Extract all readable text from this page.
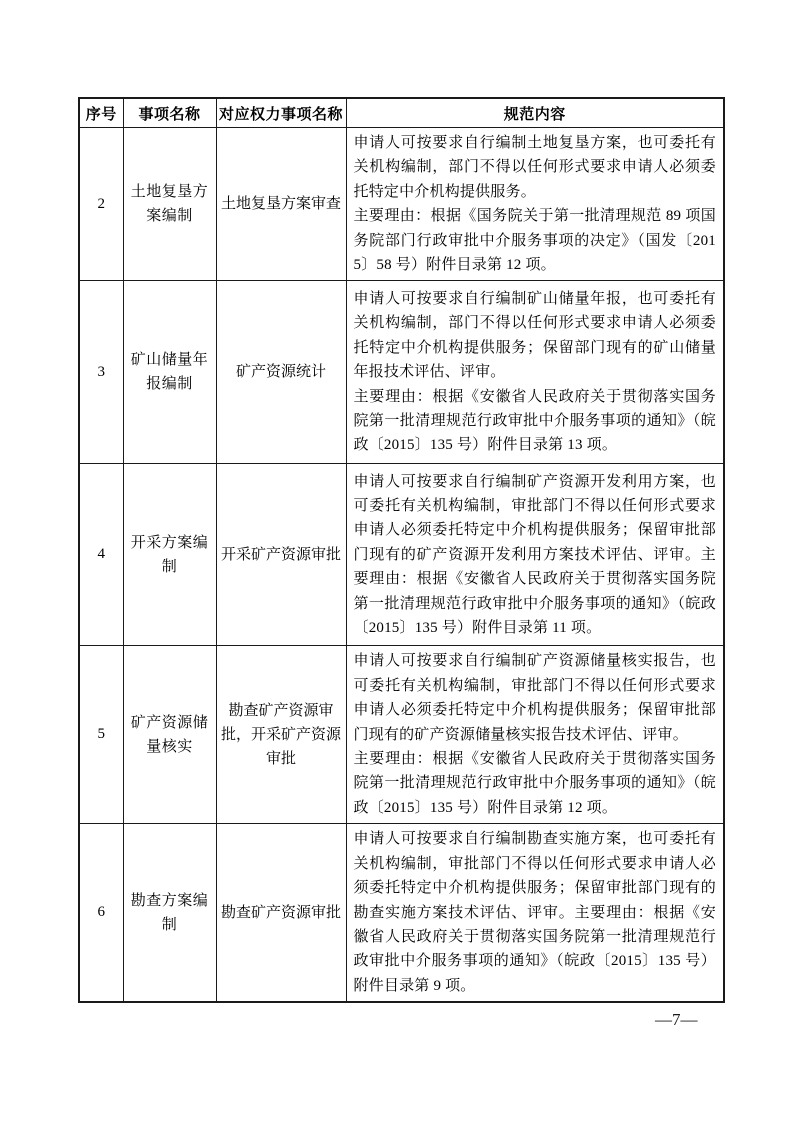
序号	事项名称	对应权力事项名称	规范内容
2	土地复垦方案编制	土地复垦方案审查	申请人可按要求自行编制土地复垦方案，也可委托有关机构编制，部门不得以任何形式要求申请人必须委托特定中介机构提供服务。

主要理由：根据《国务院关于第一批清理规范 89 项国务院部门行政审批中介服务事项的决定》（国发〔2015〕58 号）附件目录第 12 项。

3	矿山储量年报编制	矿产资源统计	申请人可按要求自行编制矿山储量年报，也可委托有关机构编制，部门不得以任何形式要求申请人必须委托特定中介机构提供服务；保留部门现有的矿山储量年报技术评估、评审。

主要理由：根据《安徽省人民政府关于贯彻落实国务院第一批清理规范行政审批中介服务事项的通知》（皖政〔2015〕135 号）附件目录第 13 项。

4	开采方案编制	开采矿产资源审批	申请人可按要求自行编制矿产资源开发利用方案，也可委托有关机构编制，审批部门不得以任何形式要求申请人必须委托特定中介机构提供服务；保留审批部门现有的矿产资源开发利用方案技术评估、评审。主要理由：根据《安徽省人民政府关于贯彻落实国务院第一批清理规范行政审批中介服务事项的通知》（皖政〔2015〕135 号）附件目录第 11 项。

5	矿产资源储量核实	勘查矿产资源审批，开采矿产资源审批	申请人可按要求自行编制矿产资源储量核实报告，也可委托有关机构编制，审批部门不得以任何形式要求申请人必须委托特定中介机构提供服务；保留审批部门现有的矿产资源储量核实报告技术评估、评审。

主要理由：根据《安徽省人民政府关于贯彻落实国务院第一批清理规范行政审批中介服务事项的通知》（皖政〔2015〕135 号）附件目录第 12 项。

6	勘查方案编制	勘查矿产资源审批	申请人可按要求自行编制勘查实施方案，也可委托有关机构编制，审批部门不得以任何形式要求申请人必须委托特定中介机构提供服务；保留审批部门现有的勘查实施方案技术评估、评审。主要理由：根据《安徽省人民政府关于贯彻落实国务院第一批清理规范行政审批中介服务事项的通知》（皖政〔2015〕135 号）附件目录第 9 项。

—7—
